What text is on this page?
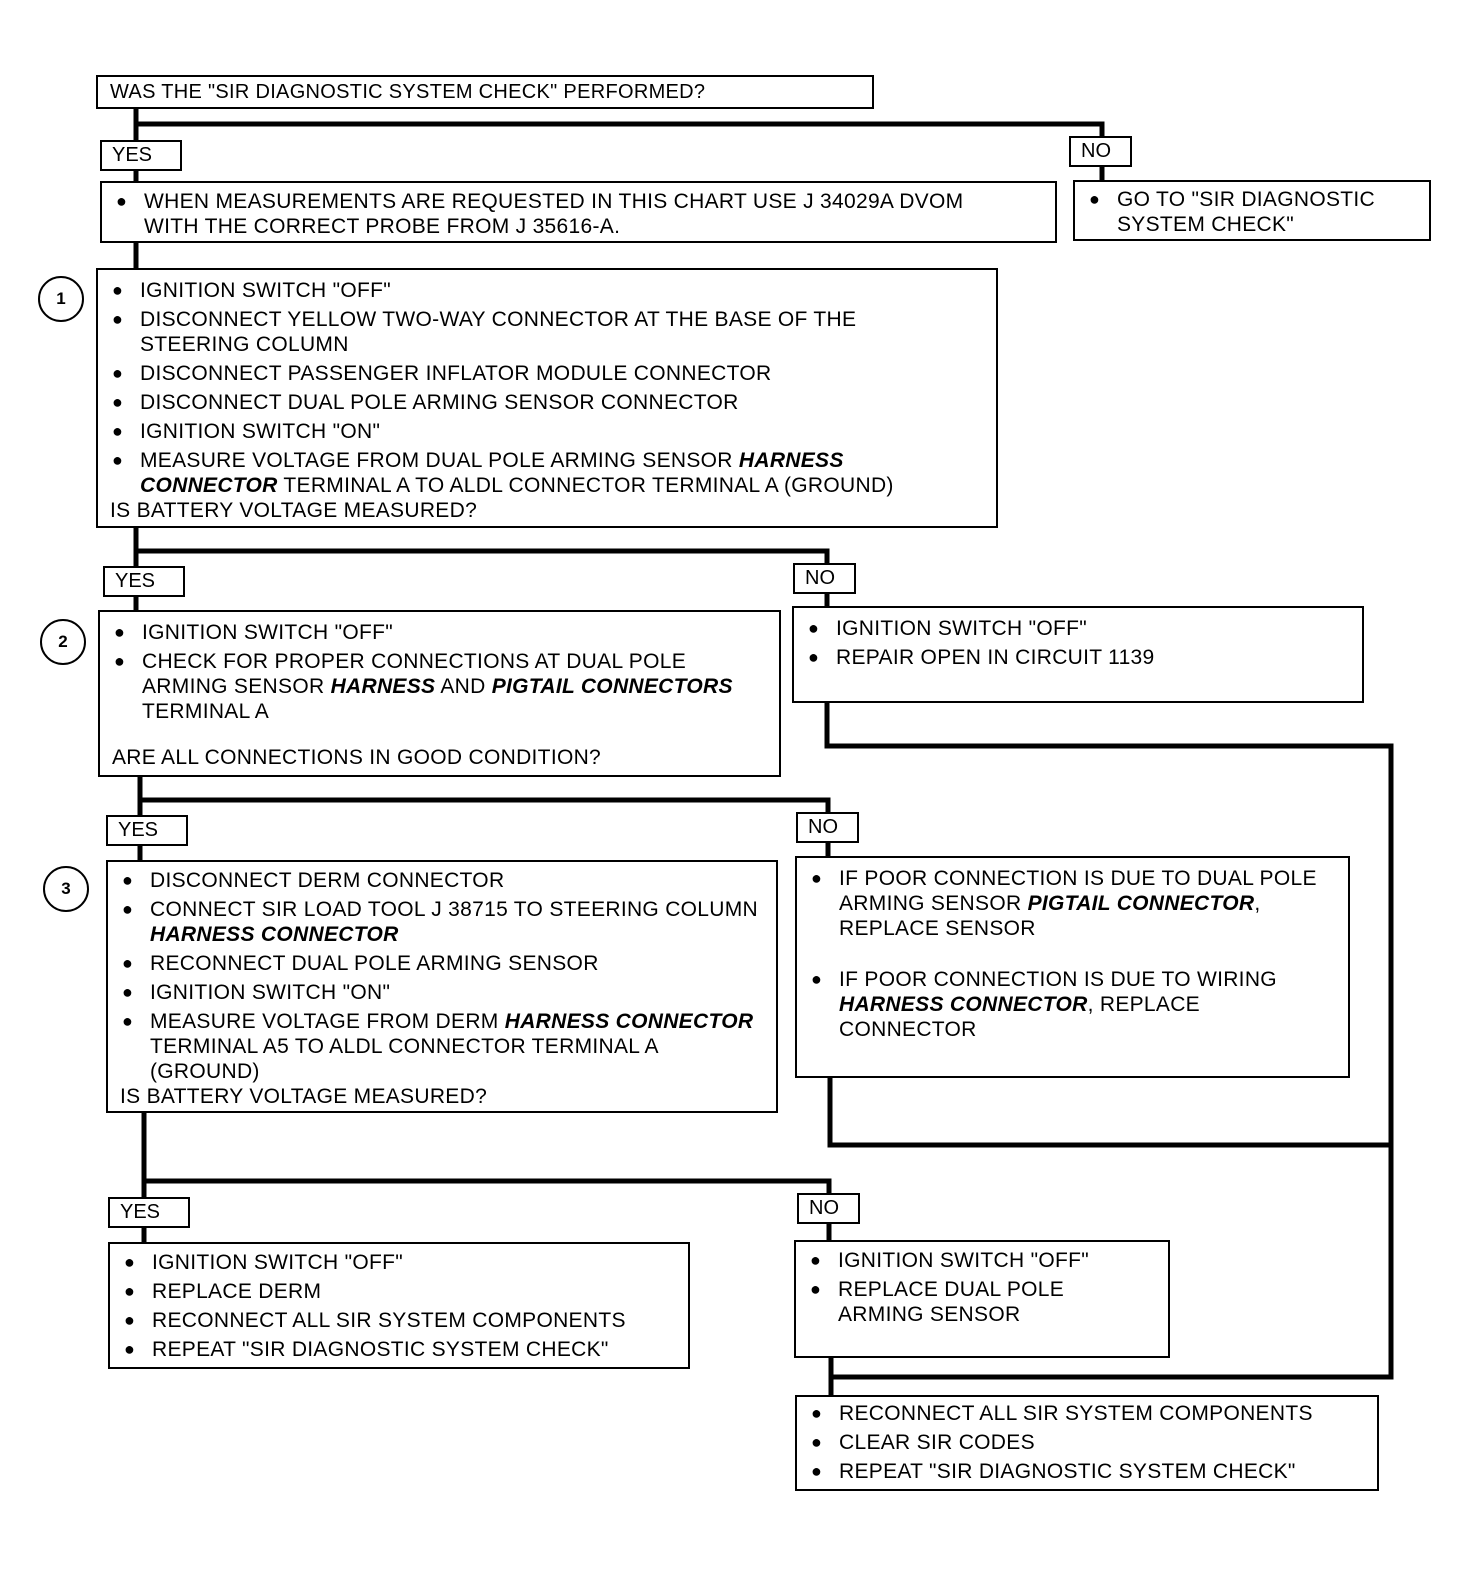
WAS THE "SIR DIAGNOSTIC SYSTEM CHECK" PERFORMED?
YES	NO
● WHEN MEASUREMENTS ARE REQUESTED IN THIS CHART USE J 34029A DVOM WITH THE CORRECT PROBE FROM J 35616-A.
● GO TO "SIR DIAGNOSTIC SYSTEM CHECK"
1	● IGNITION SWITCH "OFF"
● DISCONNECT YELLOW TWO-WAY CONNECTOR AT THE BASE OF THE STEERING COLUMN
● DISCONNECT PASSENGER INFLATOR MODULE CONNECTOR
● DISCONNECT DUAL POLE ARMING SENSOR CONNECTOR
● IGNITION SWITCH "ON"
● MEASURE VOLTAGE FROM DUAL POLE ARMING SENSOR HARNESS CONNECTOR TERMINAL A TO ALDL CONNECTOR TERMINAL A (GROUND)
IS BATTERY VOLTAGE MEASURED?
YES	NO
2	● IGNITION SWITCH "OFF"
● CHECK FOR PROPER CONNECTIONS AT DUAL POLE ARMING SENSOR HARNESS AND PIGTAIL CONNECTORS TERMINAL A
ARE ALL CONNECTIONS IN GOOD CONDITION?
● IGNITION SWITCH "OFF"
● REPAIR OPEN IN CIRCUIT 1139
YES	NO
3	● DISCONNECT DERM CONNECTOR
● CONNECT SIR LOAD TOOL J 38715 TO STEERING COLUMN HARNESS CONNECTOR
● RECONNECT DUAL POLE ARMING SENSOR
● IGNITION SWITCH "ON"
● MEASURE VOLTAGE FROM DERM HARNESS CONNECTOR TERMINAL A5 TO ALDL CONNECTOR TERMINAL A (GROUND)
IS BATTERY VOLTAGE MEASURED?
● IF POOR CONNECTION IS DUE TO DUAL POLE ARMING SENSOR PIGTAIL CONNECTOR, REPLACE SENSOR
● IF POOR CONNECTION IS DUE TO WIRING HARNESS CONNECTOR, REPLACE CONNECTOR
YES	NO
● IGNITION SWITCH "OFF"
● REPLACE DERM
● RECONNECT ALL SIR SYSTEM COMPONENTS
● REPEAT "SIR DIAGNOSTIC SYSTEM CHECK"
● IGNITION SWITCH "OFF"
● REPLACE DUAL POLE ARMING SENSOR
● RECONNECT ALL SIR SYSTEM COMPONENTS
● CLEAR SIR CODES
● REPEAT "SIR DIAGNOSTIC SYSTEM CHECK"
